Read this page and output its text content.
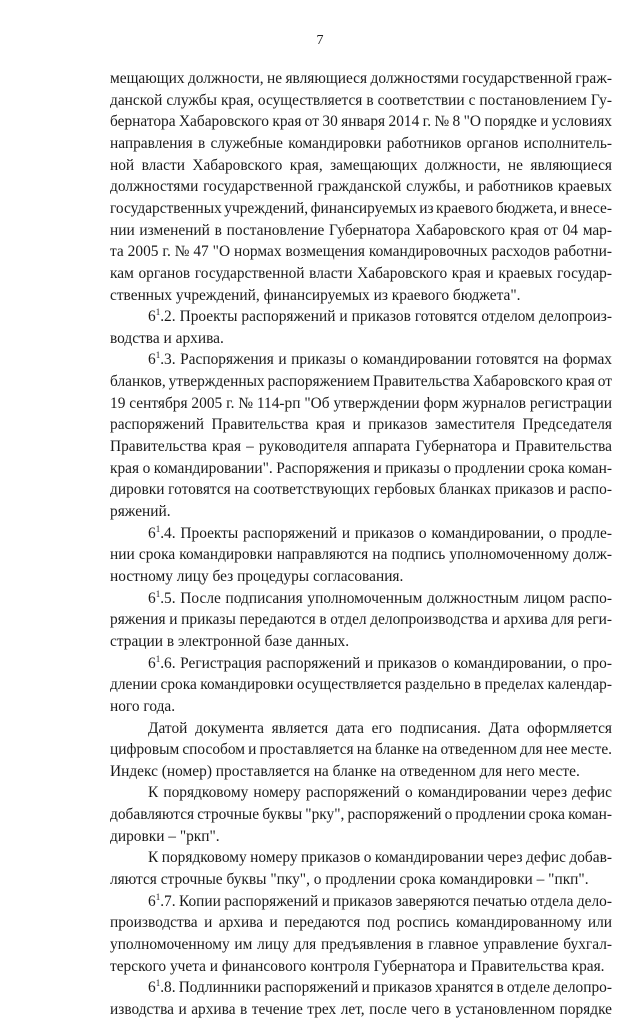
7
мещающих должности, не являющиеся должностями государственной граж-
данской службы края, осуществляется в соответствии с постановлением Гу-
бернатора Хабаровского края от 30 января 2014 г. № 8 "О порядке и условиях
направления в служебные командировки работников органов исполнитель-
ной власти Хабаровского края, замещающих должности, не являющиеся
должностями государственной гражданской службы, и работников краевых
государственных учреждений, финансируемых из краевого бюджета, и внесе-
нии изменений в постановление Губернатора Хабаровского края от 04 мар-
та 2005 г. № 47 "О нормах возмещения командировочных расходов работни-
кам органов государственной власти Хабаровского края и краевых государ-
ственных учреждений, финансируемых из краевого бюджета".
$6^1.2$. Проекты распоряжений и приказов готовятся отделом делопроиз-
водства и архива.
$6^1.3$. Распоряжения и приказы о командировании готовятся на формах
бланков, утвержденных распоряжением Правительства Хабаровского края от
19 сентября 2005 г. № 114-рп "Об утверждении форм журналов регистрации
распоряжений Правительства края и приказов заместителя Председателя
Правительства края – руководителя аппарата Губернатора и Правительства
края о командировании". Распоряжения и приказы о продлении срока коман-
дировки готовятся на соответствующих гербовых бланках приказов и распо-
ряжений.
$6^1.4$. Проекты распоряжений и приказов о командировании, о продле-
нии срока командировки направляются на подпись уполномоченному долж-
ностному лицу без процедуры согласования.
$6^1.5$. После подписания уполномоченным должностным лицом распо-
ряжения и приказы передаются в отдел делопроизводства и архива для реги-
страции в электронной базе данных.
$6^1.6$. Регистрация распоряжений и приказов о командировании, о про-
длении срока командировки осуществляется раздельно в пределах календар-
ного года.
Датой документа является дата его подписания. Дата оформляется
цифровым способом и проставляется на бланке на отведенном для нее месте.
Индекс (номер) проставляется на бланке на отведенном для него месте.
К порядковому номеру распоряжений о командировании через дефис
добавляются строчные буквы "рку", распоряжений о продлении срока коман-
дировки – "ркп".
К порядковому номеру приказов о командировании через дефис добав-
ляются строчные буквы "пку", о продлении срока командировки – "пкп".
$6^1.7$. Копии распоряжений и приказов заверяются печатью отдела дело-
производства и архива и передаются под роспись командированному или
уполномоченному им лицу для предъявления в главное управление бухгал-
терского учета и финансового контроля Губернатора и Правительства края.
$6^1.8$. Подлинники распоряжений и приказов хранятся в отделе делопро-
изводства и архива в течение трех лет, после чего в установленном порядке
